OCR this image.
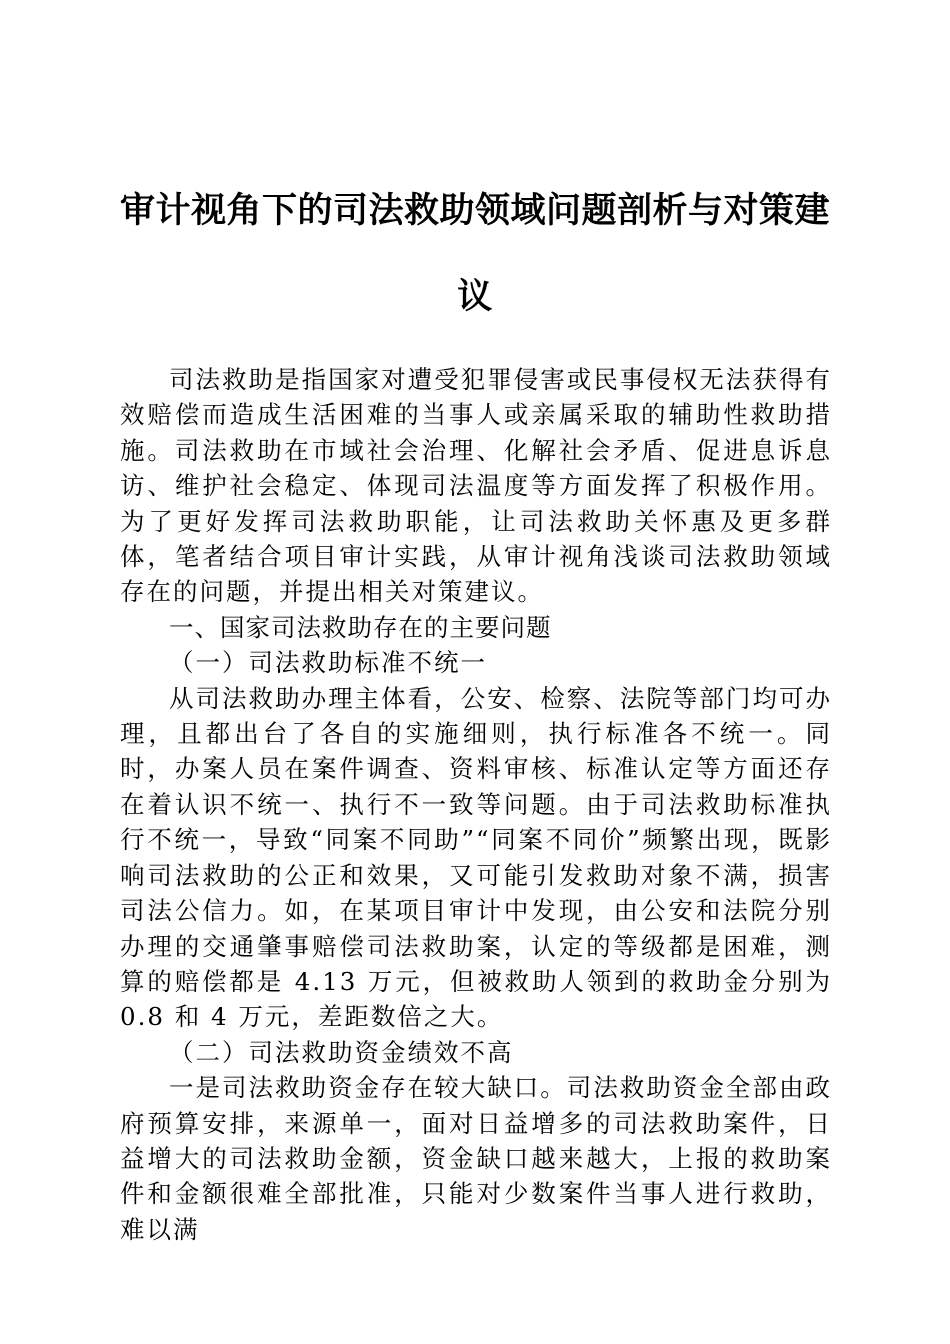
审计视角下的司法救助领域问题剖析与对策建议

司法救助是指国家对遭受犯罪侵害或民事侵权无法获得有效赔偿而造成生活困难的当事人或亲属采取的辅助性救助措施。司法救助在市域社会治理、化解社会矛盾、促进息诉息访、维护社会稳定、体现司法温度等方面发挥了积极作用。为了更好发挥司法救助职能，让司法救助关怀惠及更多群体，笔者结合项目审计实践，从审计视角浅谈司法救助领域存在的问题，并提出相关对策建议。

一、国家司法救助存在的主要问题

（一）司法救助标准不统一

从司法救助办理主体看，公安、检察、法院等部门均可办理，且都出台了各自的实施细则，执行标准各不统一。同时，办案人员在案件调查、资料审核、标准认定等方面还存在着认识不统一、执行不一致等问题。由于司法救助标准执行不统一，导致“同案不同助”“同案不同价”频繁出现，既影响司法救助的公正和效果，又可能引发救助对象不满，损害司法公信力。如，在某项目审计中发现，由公安和法院分别办理的交通肇事赔偿司法救助案，认定的等级都是困难，测算的赔偿都是 4.13 万元，但被救助人领到的救助金分别为 0.8 和 4 万元，差距数倍之大。

（二）司法救助资金绩效不高

一是司法救助资金存在较大缺口。司法救助资金全部由政府预算安排，来源单一，面对日益增多的司法救助案件，日益增大的司法救助金额，资金缺口越来越大，上报的救助案件和金额很难全部批准，只能对少数案件当事人进行救助，难以满
